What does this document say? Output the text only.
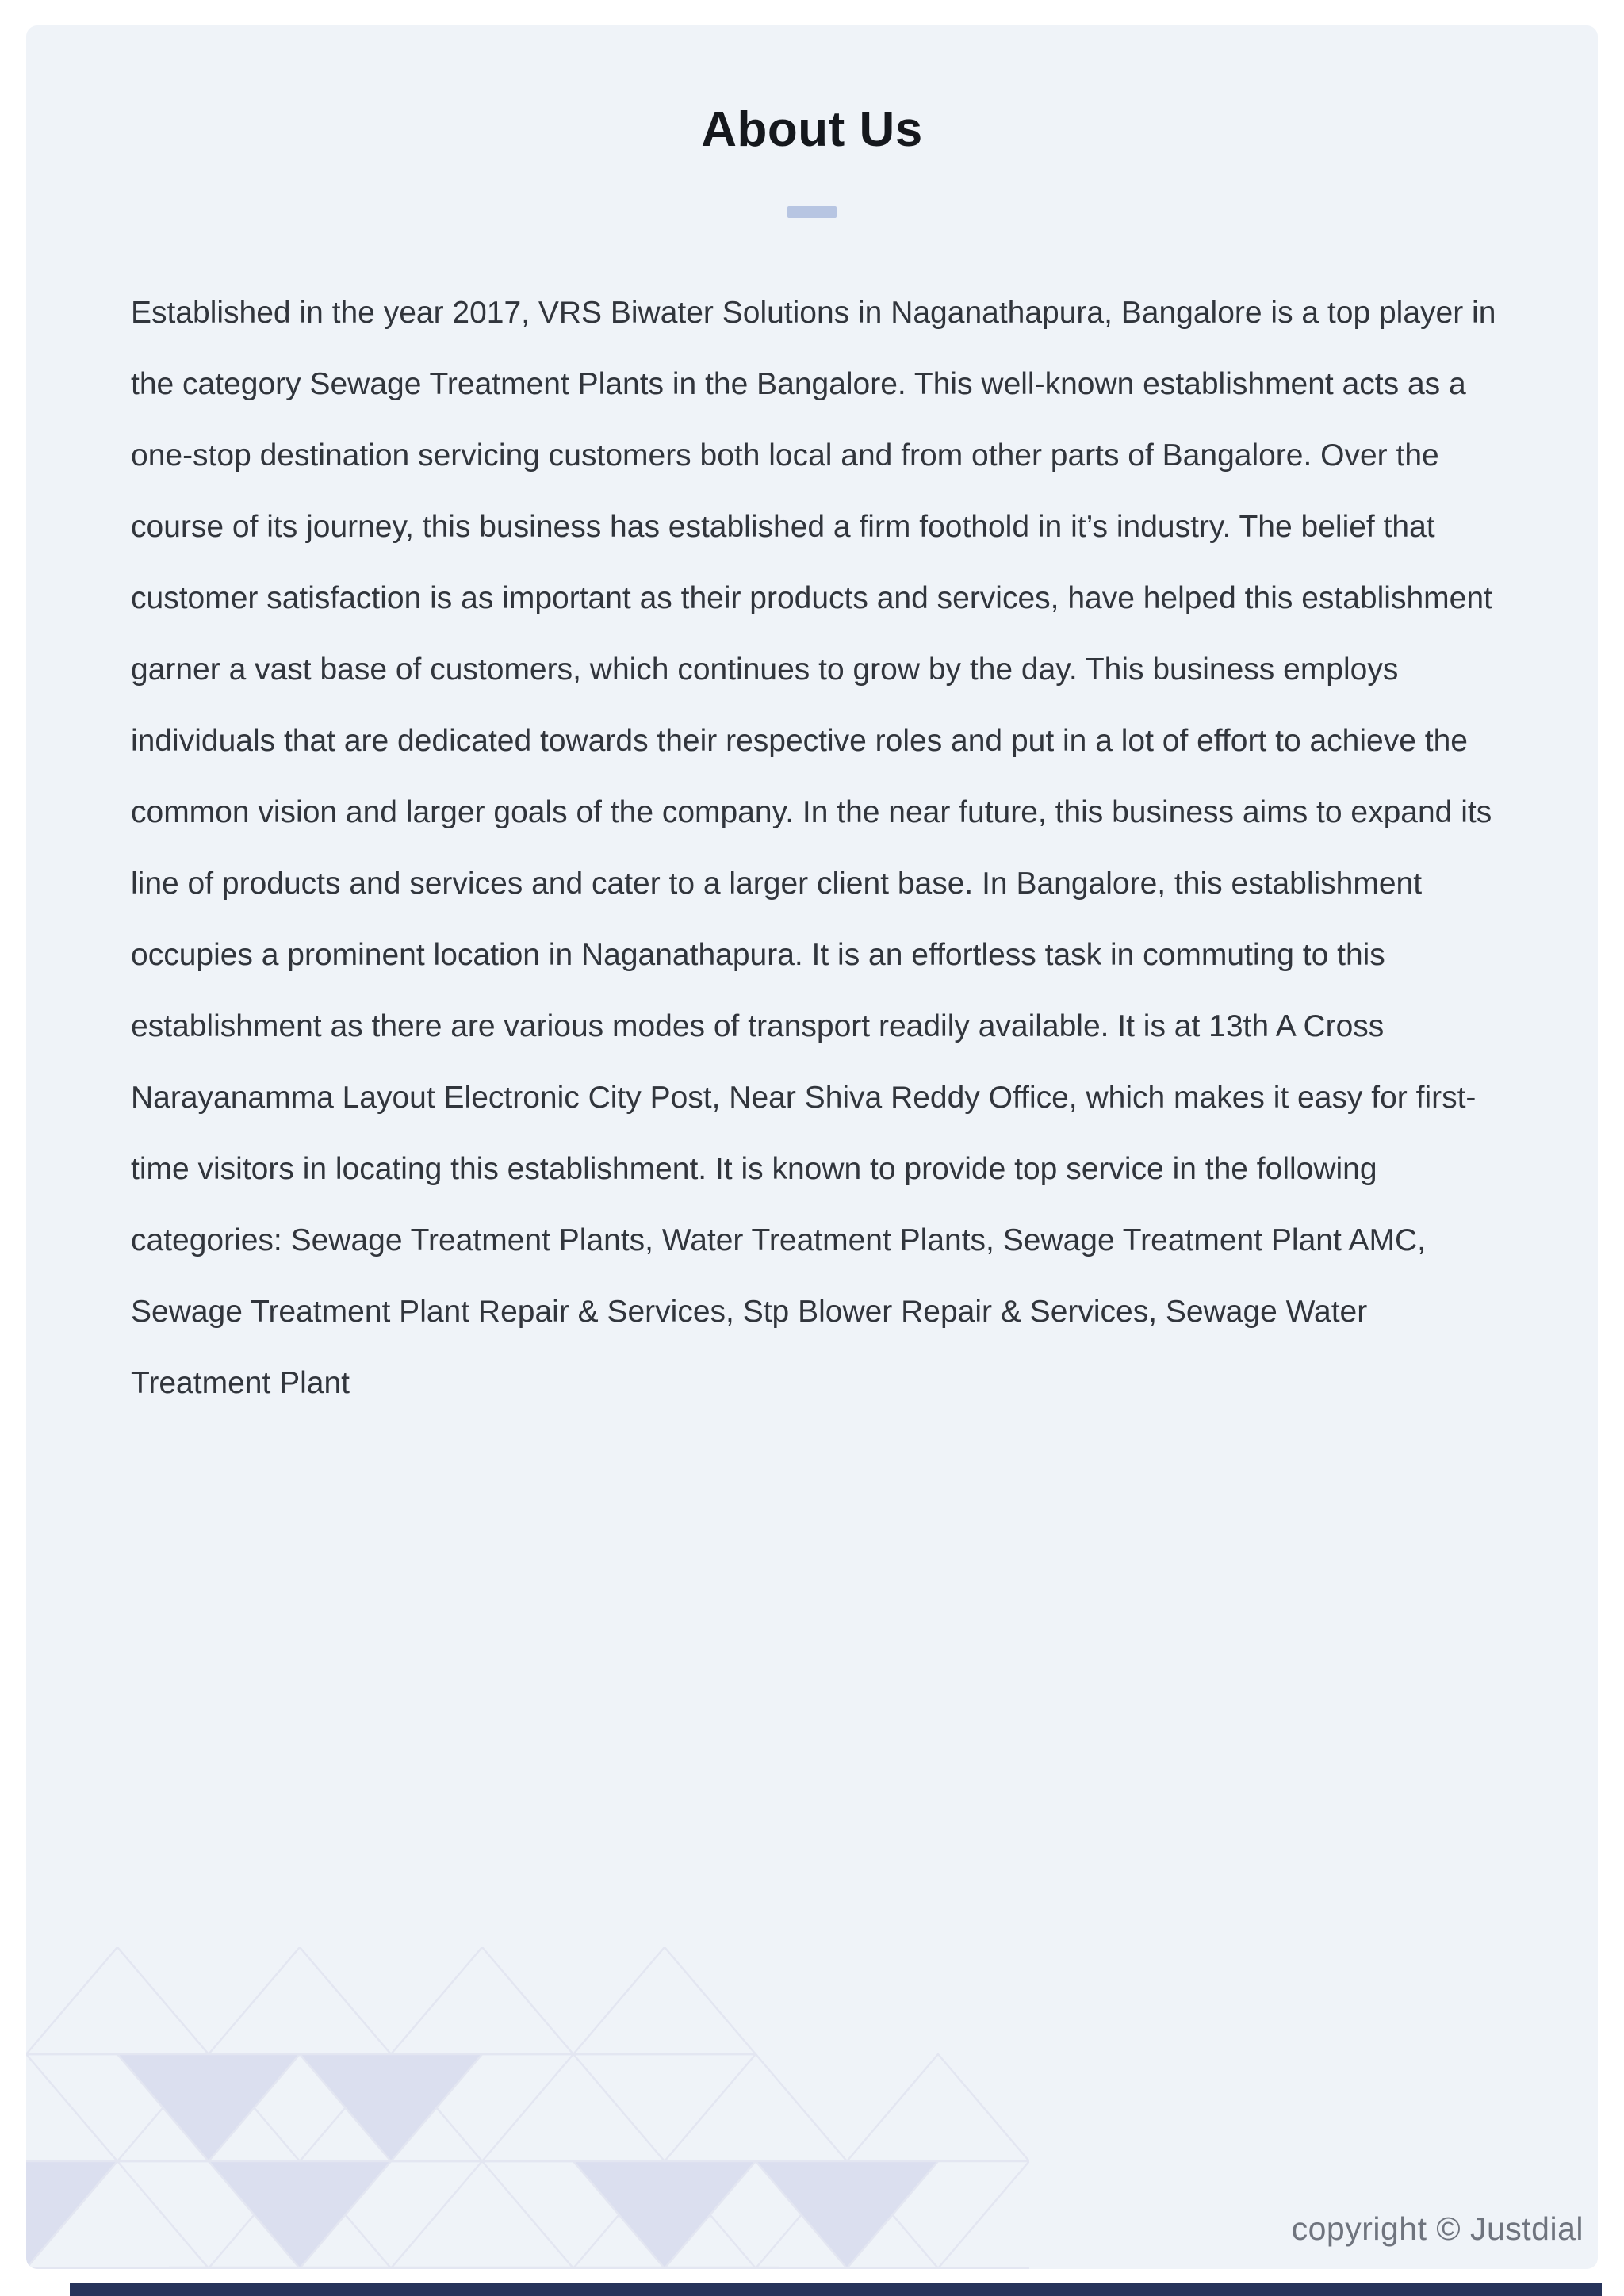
About Us

Established in the year 2017, VRS Biwater Solutions in Naganathapura, Bangalore is a top player in the category Sewage Treatment Plants in the Bangalore. This well-known establishment acts as a one-stop destination servicing customers both local and from other parts of Bangalore. Over the course of its journey, this business has established a firm foothold in it’s industry. The belief that customer satisfaction is as important as their products and services, have helped this establishment garner a vast base of customers, which continues to grow by the day. This business employs individuals that are dedicated towards their respective roles and put in a lot of effort to achieve the common vision and larger goals of the company. In the near future, this business aims to expand its line of products and services and cater to a larger client base. In Bangalore, this establishment occupies a prominent location in Naganathapura. It is an effortless task in commuting to this establishment as there are various modes of transport readily available. It is at 13th A Cross Narayanamma Layout Electronic City Post, Near Shiva Reddy Office, which makes it easy for first-time visitors in locating this establishment. It is known to provide top service in the following categories: Sewage Treatment Plants, Water Treatment Plants, Sewage Treatment Plant AMC, Sewage Treatment Plant Repair & Services, Stp Blower Repair & Services, Sewage Water Treatment Plant

copyright © Justdial
